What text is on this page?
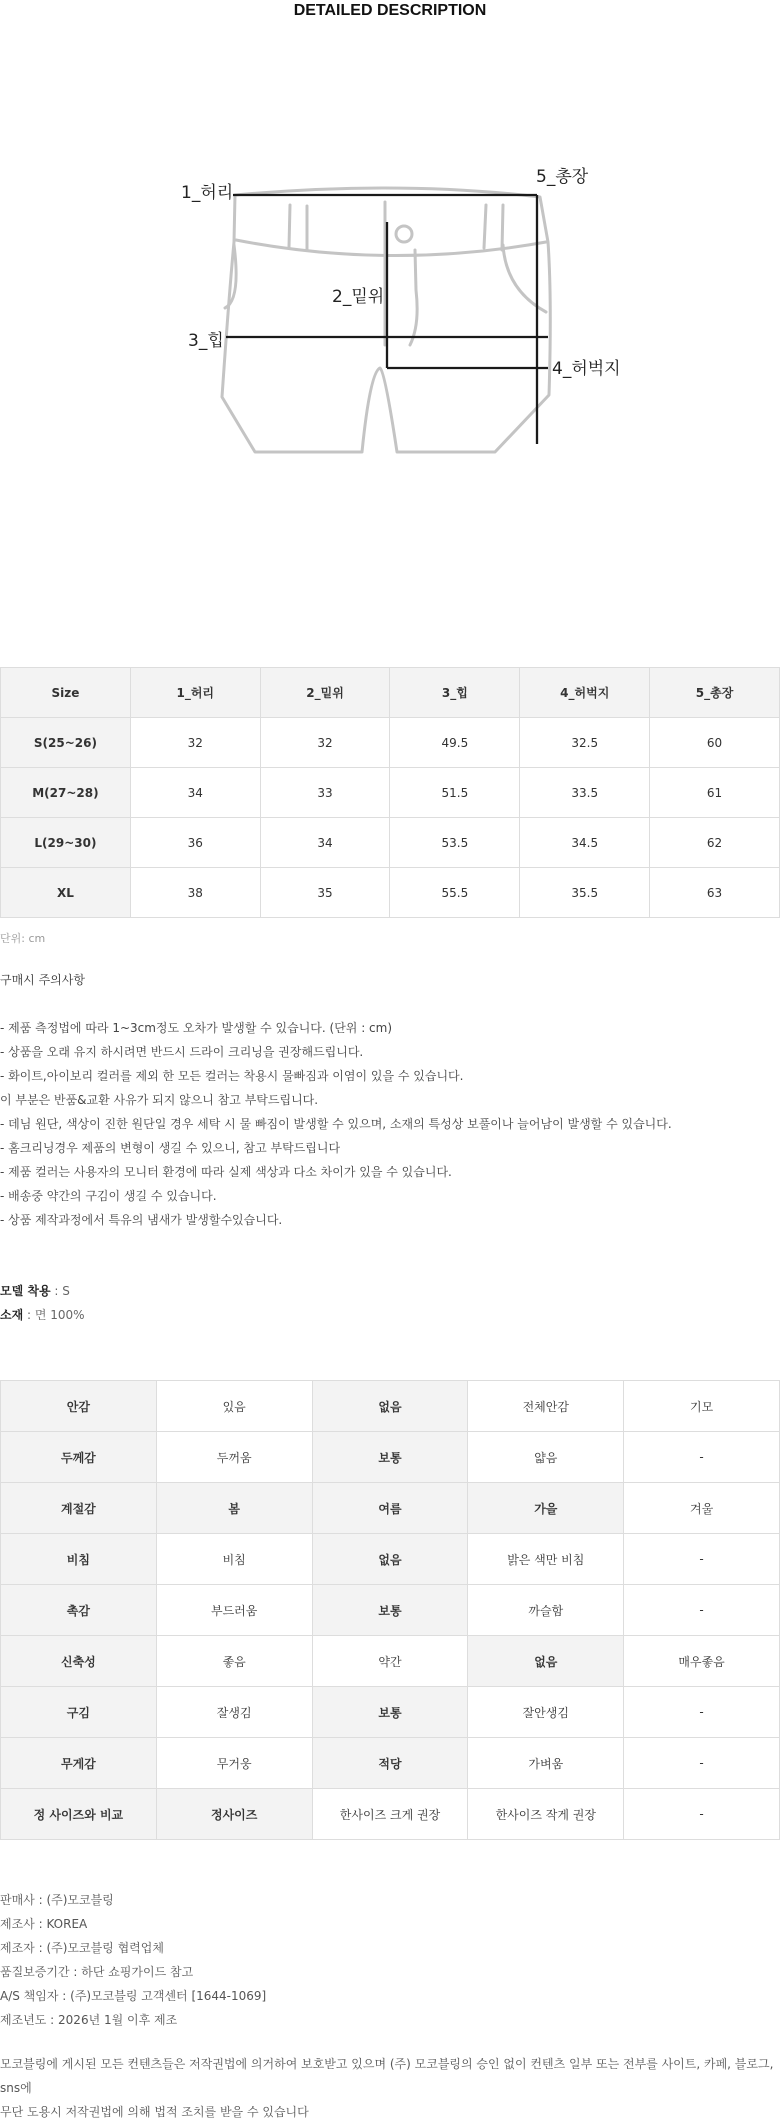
DETAILED DESCRIPTION
1_허리
5_총장
2_밑위
3_힙
4_허벅지
Size	1_허리	2_밑위	3_힙	4_허벅지	5_총장
S(25~26)	32	32	49.5	32.5	60
M(27~28)	34	33	51.5	33.5	61
L(29~30)	36	34	53.5	34.5	62
XL	38	35	55.5	35.5	63
단위: cm
구매시 주의사항
- 제품 측정법에 따라 1~3cm정도 오차가 발생할 수 있습니다. (단위 : cm)
- 상품을 오래 유지 하시려면 반드시 드라이 크리닝을 권장해드립니다.
- 화이트,아이보리 컬러를 제외 한 모든 컬러는 착용시 물빠짐과 이염이 있을 수 있습니다.
이 부분은 반품&교환 사유가 되지 않으니 참고 부탁드립니다.
- 데님 원단, 색상이 진한 원단일 경우 세탁 시 물 빠짐이 발생할 수 있으며, 소재의 특성상 보풀이나 늘어남이 발생할 수 있습니다.
- 홈크리닝경우 제품의 변형이 생길 수 있으니, 참고 부탁드립니다
- 제품 컬러는 사용자의 모니터 환경에 따라 실제 색상과 다소 차이가 있을 수 있습니다.
- 배송중 약간의 구김이 생길 수 있습니다.
- 상품 제작과정에서 특유의 냄새가 발생할수있습니다.
모델 착용 : S
소재 : 면 100%
안감	있음	없음	전체안감	기모
두께감	두꺼움	보통	얇음	-
계절감	봄	여름	가을	겨울
비침	비침	없음	밝은 색만 비침	-
촉감	부드러움	보통	까슬함	-
신축성	좋음	약간	없음	매우좋음
구김	잘생김	보통	잘안생김	-
무게감	무거웅	적당	가벼움	-
정 사이즈와 비교	정사이즈	한사이즈 크게 권장	한사이즈 작게 권장	-
판매사 : (주)모코블링
제조사 : KOREA
제조자 : (주)모코블링 협력업체
품질보증기간 : 하단 쇼핑가이드 참고
A/S 책임자 : (주)모코블링 고객센터 [1644-1069]
제조년도 : 2026년 1월 이후 제조
모코블링에 게시된 모든 컨텐츠들은 저작권법에 의거하여 보호받고 있으며 (주) 모코블링의 승인 없이 컨텐츠 일부 또는 전부를 사이트, 카페, 블로그, sns에
무단 도용시 저작권법에 의해 법적 조치를 받을 수 있습니다
